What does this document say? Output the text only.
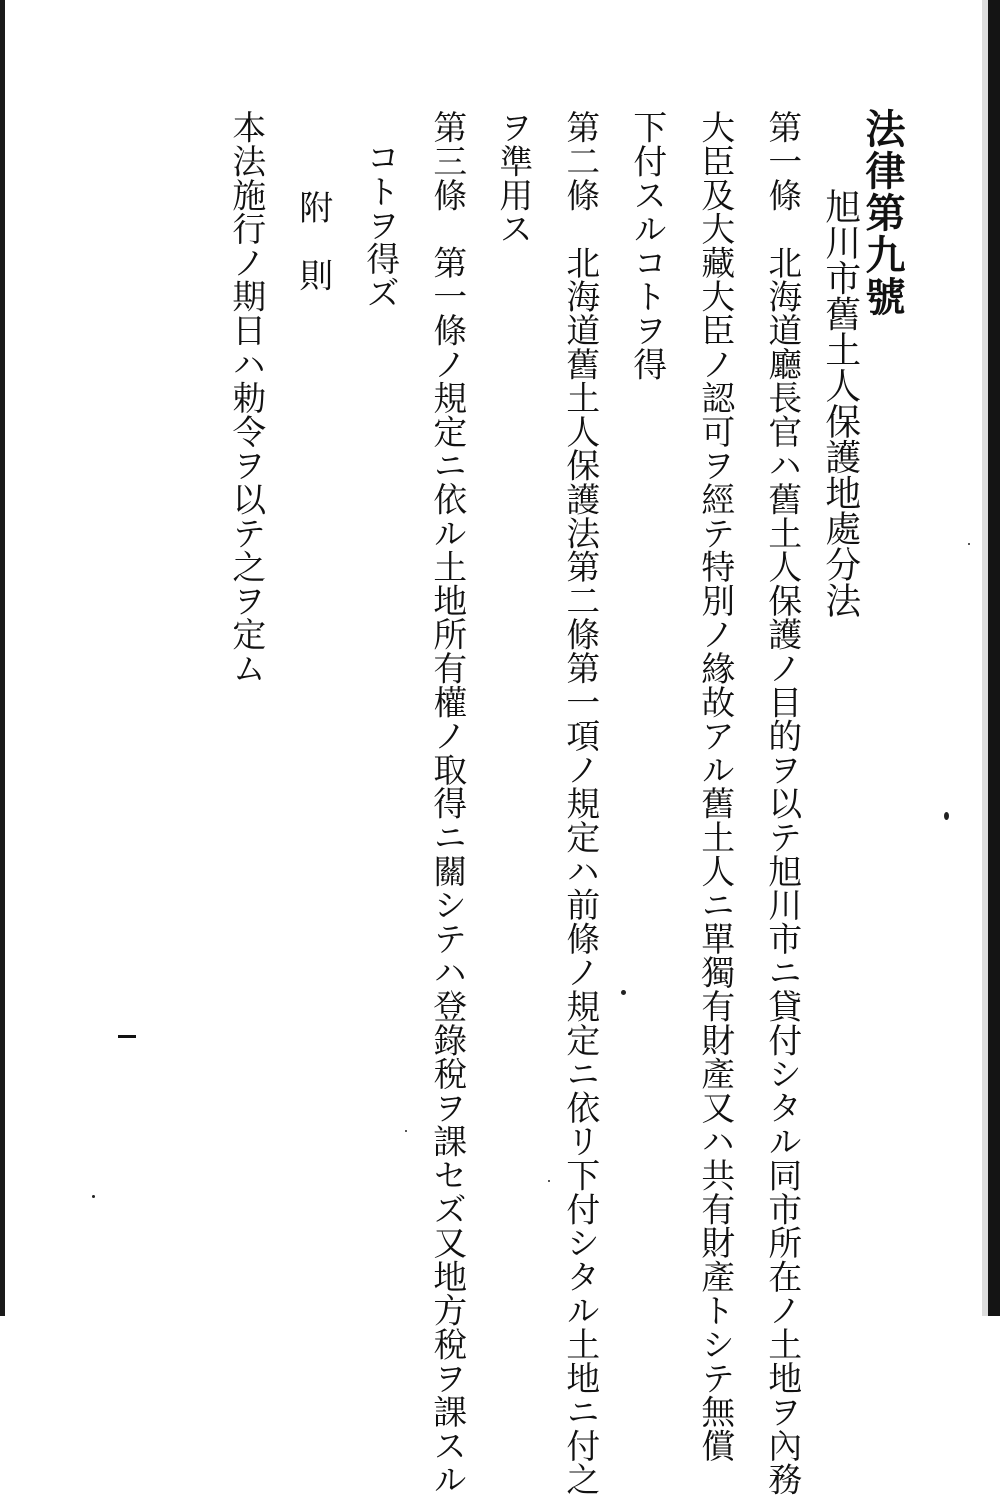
法律第九號
旭川市舊土人保護地處分法
第一條　北海道廳長官ハ舊土人保護ノ目的ヲ以テ旭川市ニ貸付シタル同市所在ノ土地ヲ內務
大臣及大藏大臣ノ認可ヲ經テ特別ノ緣故アル舊土人ニ單獨有財產又ハ共有財產トシテ無償
下付スルコトヲ得
第二條　北海道舊土人保護法第二條第一項ノ規定ハ前條ノ規定ニ依リ下付シタル土地ニ付之
ヲ準用ス
第三條　第一條ノ規定ニ依ル土地所有權ノ取得ニ關シテハ登錄稅ヲ課セズ又地方稅ヲ課スル
コトヲ得ズ
附　則
本法施行ノ期日ハ勅令ヲ以テ之ヲ定ム
